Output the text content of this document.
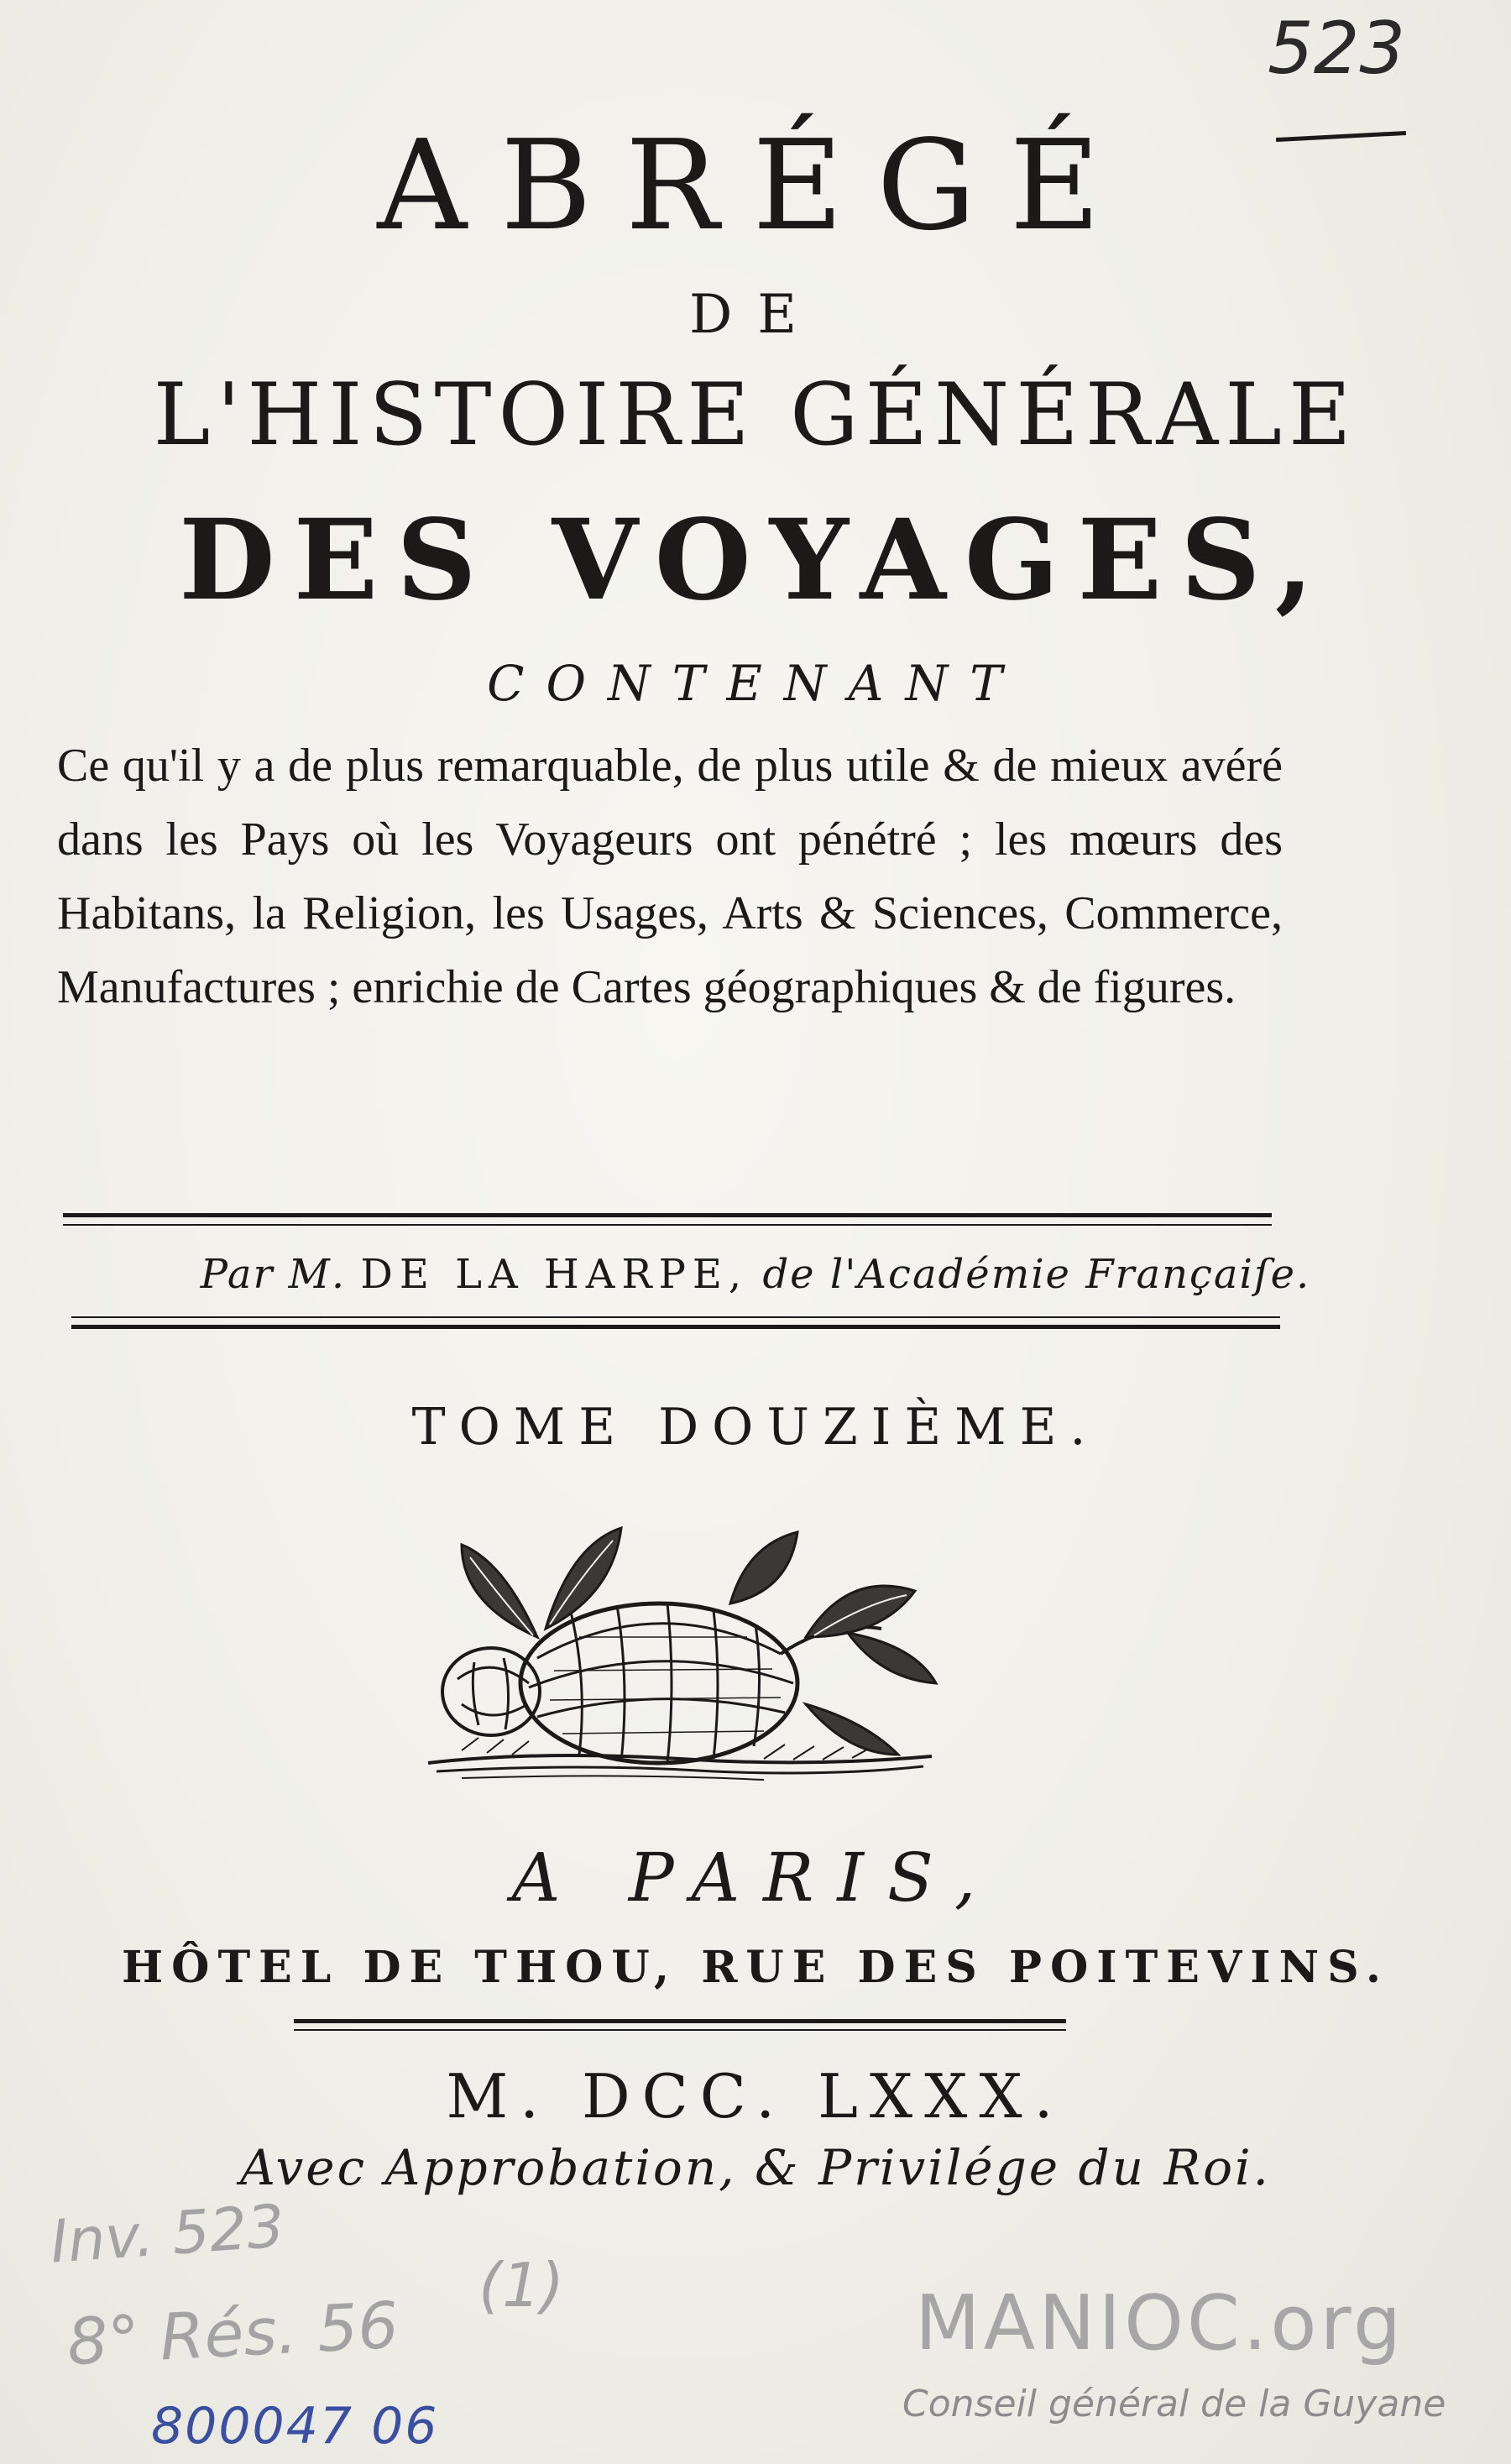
523
ABRÉGÉ
DE
L'HISTOIRE GÉNÉRALE
DES VOYAGES,
CONTENANT
Ce qu'il y a de plus remarquable, de plus utile & de mieux avéré dans les Pays où les Voyageurs ont pénétré ; les mœurs des Habitans, la Religion, les Usages, Arts & Sciences, Commerce, Manufactures ; enrichie de Cartes géographiques & de figures.
Par M. DE LA HARPE, de l'Académie Françaiſe.
TOME DOUZIÈME.
A PARIS,
HÔTEL DE THOU, RUE DES POITEVINS.
M. DCC. LXXX.
Avec Approbation, & Privilége du Roi.
Inv. 523
8° Rés. 56
(1)
800047 06
MANIOC.org
Conseil général de la Guyane
